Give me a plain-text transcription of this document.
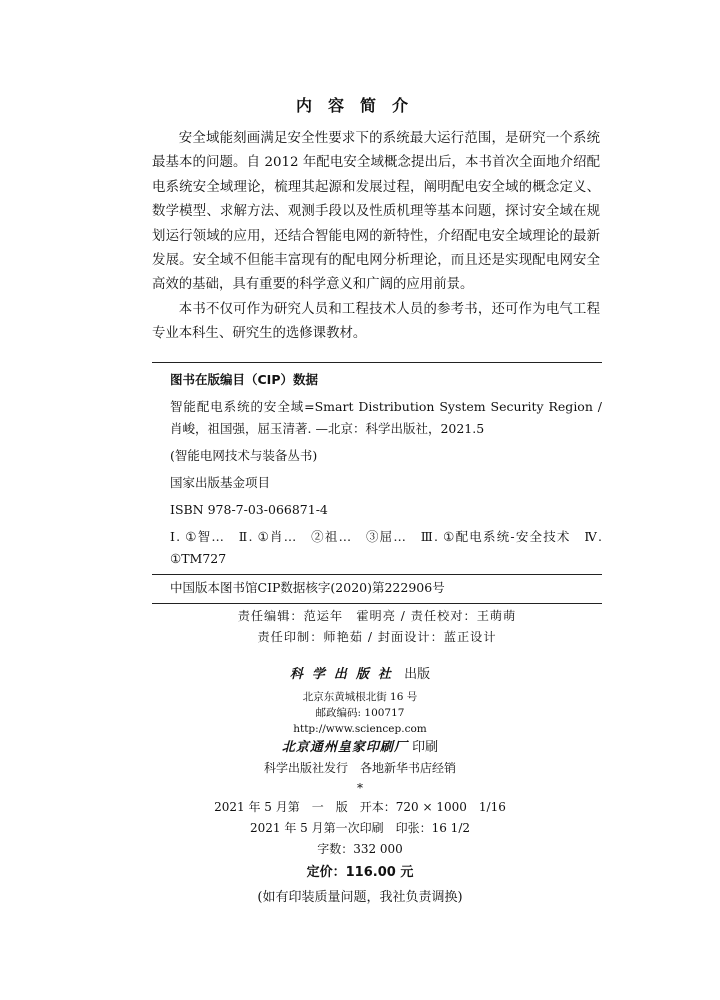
内容简介

安全域能刻画满足安全性要求下的系统最大运行范围，是研究一个系统最基本的问题。自 2012 年配电安全域概念提出后，本书首次全面地介绍配电系统安全域理论，梳理其起源和发展过程，阐明配电安全域的概念定义、数学模型、求解方法、观测手段以及性质机理等基本问题，探讨安全域在规划运行领域的应用，还结合智能电网的新特性，介绍配电安全域理论的最新发展。安全域不但能丰富现有的配电网分析理论，而且还是实现配电网安全高效的基础，具有重要的科学意义和广阔的应用前景。

本书不仅可作为研究人员和工程技术人员的参考书，还可作为电气工程专业本科生、研究生的选修课教材。

图书在版编目（CIP）数据
智能配电系统的安全域=Smart Distribution System Security Region / 肖峻，祖国强，屈玉清著. —北京：科学出版社，2021.5
(智能电网技术与装备丛书)
国家出版基金项目
ISBN 978-7-03-066871-4
Ⅰ. ①智…　Ⅱ. ①肖…　②祖…　③屈…　Ⅲ. ①配电系统-安全技术　Ⅳ. ①TM727
中国版本图书馆CIP数据核字(2020)第222906号
责任编辑：范运年　霍明亮 / 责任校对：王萌萌
责任印制：师艳茹 / 封面设计：蓝正设计
科学出版社 出版
北京东黄城根北街 16 号
邮政编码: 100717
http://www.sciencep.com
北京通州皇家印刷厂 印刷
科学出版社发行　各地新华书店经销
*
2021 年 5 月第　一　版　开本：720 × 1000　1/16
2021 年 5 月第一次印刷　印张：16 1/2
字数：332 000
定价：116.00 元
(如有印装质量问题，我社负责调换)
